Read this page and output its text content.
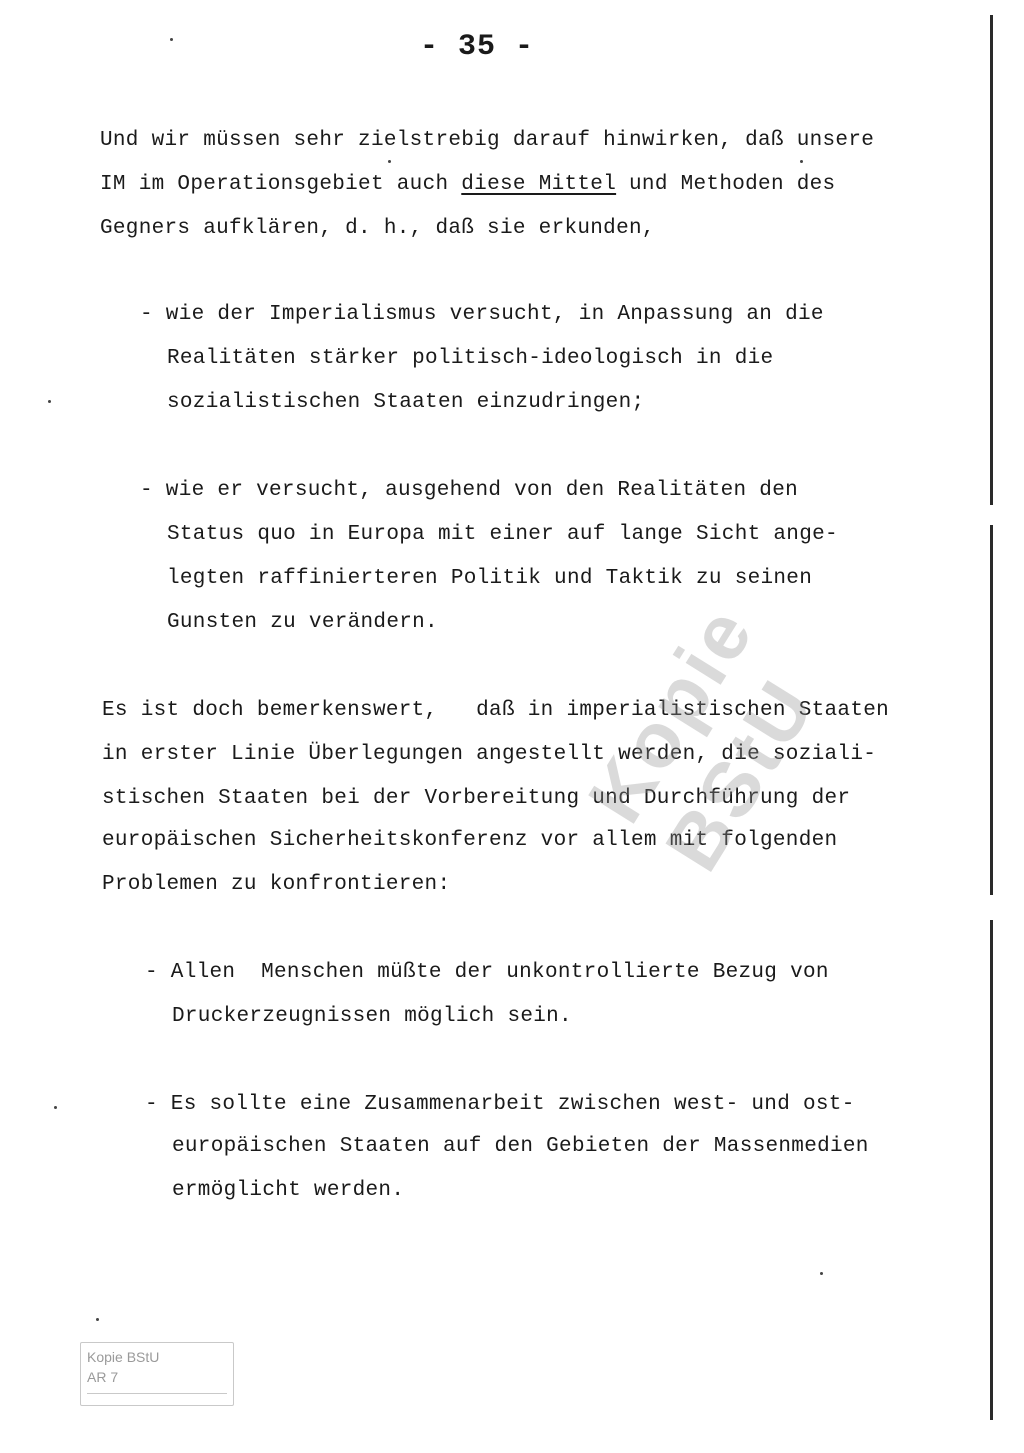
- 35 -
Und wir müssen sehr zielstrebig darauf hinwirken, daß unsere
IM im Operationsgebiet auch diese Mittel und Methoden des
Gegners aufklären, d. h., daß sie erkunden,
- wie der Imperialismus versucht, in Anpassung an die
Realitäten stärker politisch-ideologisch in die
sozialistischen Staaten einzudringen;
- wie er versucht, ausgehend von den Realitäten den
Status quo in Europa mit einer auf lange Sicht ange-
legten raffinierteren Politik und Taktik zu seinen
Gunsten zu verändern.
Es ist doch bemerkenswert,   daß in imperialistischen Staaten
in erster Linie Überlegungen angestellt werden, die soziali-
stischen Staaten bei der Vorbereitung und Durchführung der
europäischen Sicherheitskonferenz vor allem mit folgenden
Problemen zu konfrontieren:
- Allen  Menschen müßte der unkontrollierte Bezug von
Druckerzeugnissen möglich sein.
- Es sollte eine Zusammenarbeit zwischen west- und ost-
europäischen Staaten auf den Gebieten der Massenmedien
ermöglicht werden.
Kopie BStU
Kopie BStU
AR 7
